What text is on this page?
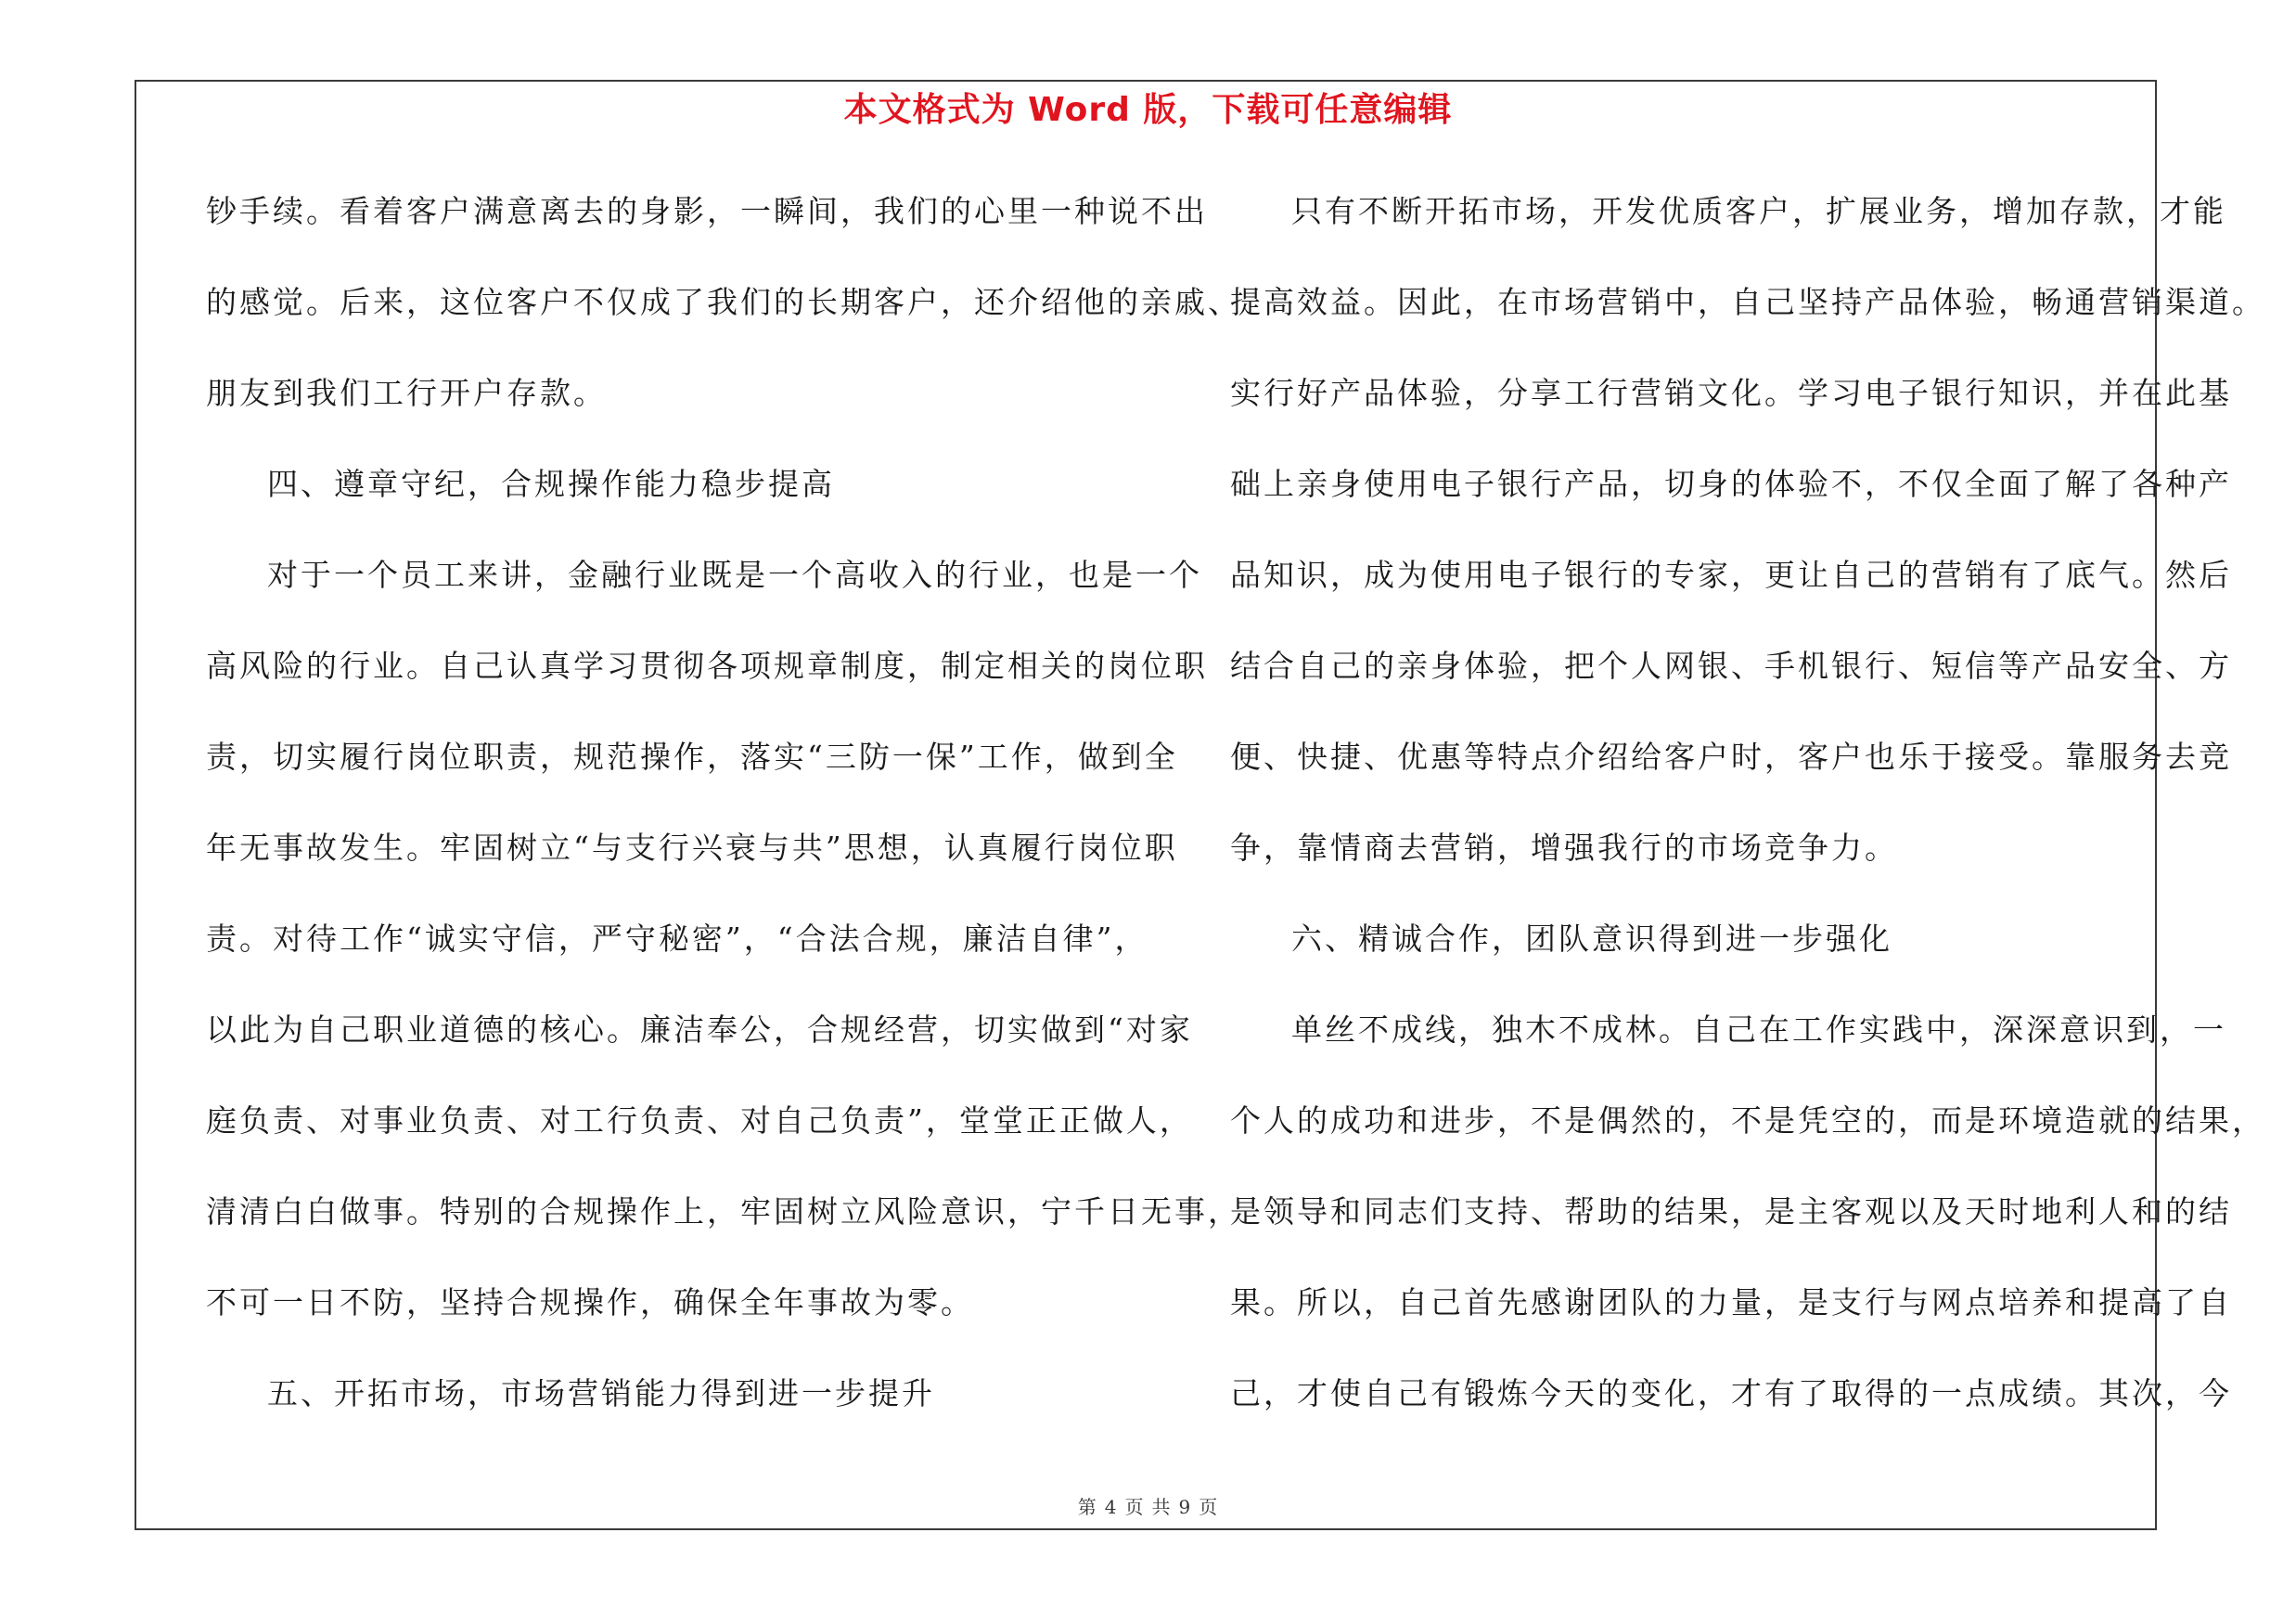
本文格式为 Word 版，下载可任意编辑
钞手续。看着客户满意离去的身影，一瞬间，我们的心里一种说不出
的感觉。后来，这位客户不仅成了我们的长期客户，还介绍他的亲戚、
朋友到我们工行开户存款。
四、遵章守纪，合规操作能力稳步提高
对于一个员工来讲，金融行业既是一个高收入的行业，也是一个
高风险的行业。自己认真学习贯彻各项规章制度，制定相关的岗位职
责，切实履行岗位职责，规范操作，落实“三防一保”工作，做到全
年无事故发生。牢固树立“与支行兴衰与共”思想，认真履行岗位职
责。对待工作“诚实守信，严守秘密”，“合法合规，廉洁自律”，
以此为自己职业道德的核心。廉洁奉公，合规经营，切实做到“对家
庭负责、对事业负责、对工行负责、对自己负责”，堂堂正正做人，
清清白白做事。特别的合规操作上，牢固树立风险意识，宁千日无事，
不可一日不防，坚持合规操作，确保全年事故为零。
五、开拓市场，市场营销能力得到进一步提升
只有不断开拓市场，开发优质客户，扩展业务，增加存款，才能
提高效益。因此，在市场营销中，自己坚持产品体验，畅通营销渠道。
实行好产品体验，分享工行营销文化。学习电子银行知识，并在此基
础上亲身使用电子银行产品，切身的体验不，不仅全面了解了各种产
品知识，成为使用电子银行的专家，更让自己的营销有了底气。然后
结合自己的亲身体验，把个人网银、手机银行、短信等产品安全、方
便、快捷、优惠等特点介绍给客户时，客户也乐于接受。靠服务去竞
争，靠情商去营销，增强我行的市场竞争力。
六、精诚合作，团队意识得到进一步强化
单丝不成线，独木不成林。自己在工作实践中，深深意识到，一
个人的成功和进步，不是偶然的，不是凭空的，而是环境造就的结果，
是领导和同志们支持、帮助的结果，是主客观以及天时地利人和的结
果。所以，自己首先感谢团队的力量，是支行与网点培养和提高了自
己，才使自己有锻炼今天的变化，才有了取得的一点成绩。其次，今
第 4 页 共 9 页
